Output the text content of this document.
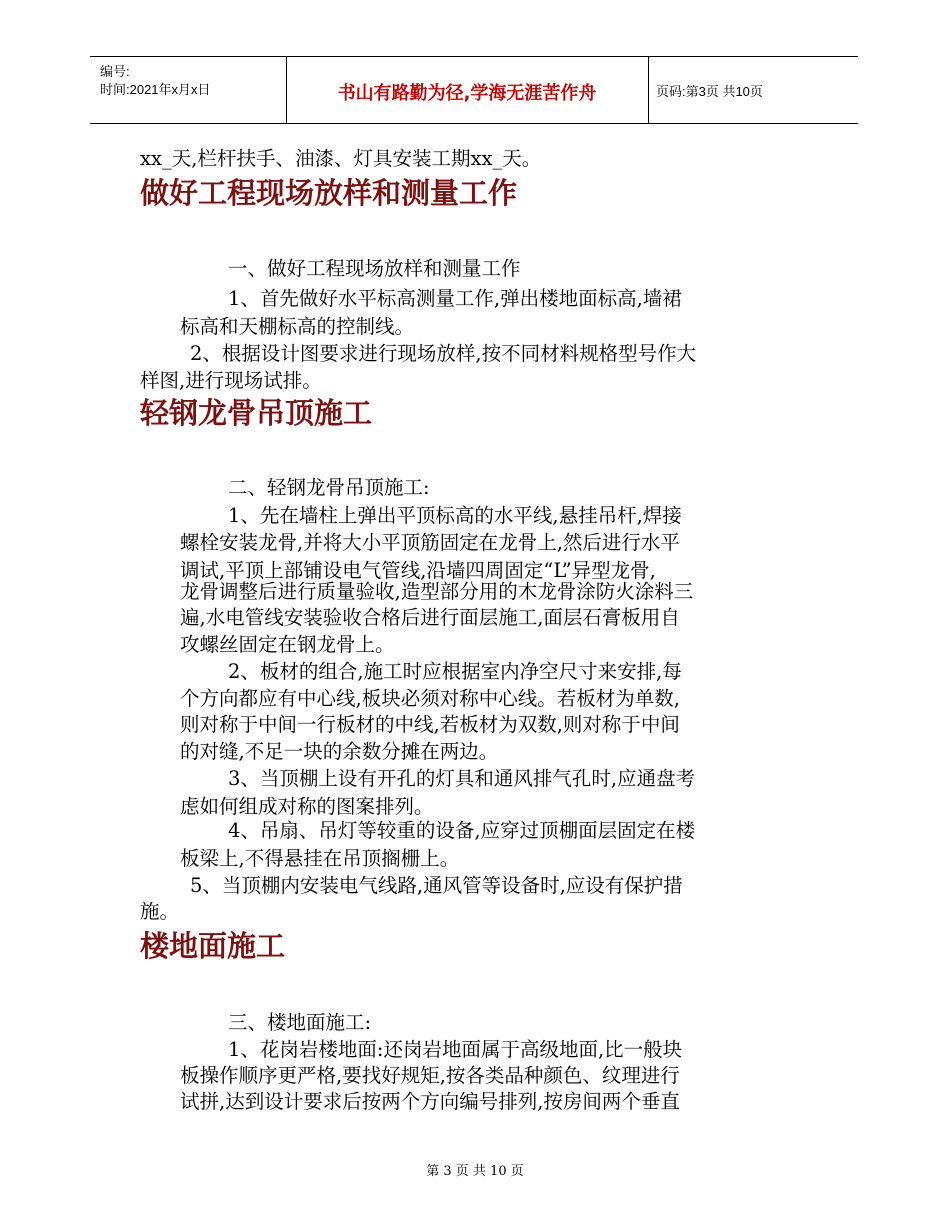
编号:
时间:2021年x月x日	书山有路勤为径,学海无涯苦作舟	页码:第3页 共10页

xx_天,栏杆扶手、油漆、灯具安装工期xx_天。

做好工程现场放样和测量工作

一、做好工程现场放样和测量工作

1、首先做好水平标高测量工作,弹出楼地面标高,墙裙

标高和天棚标高的控制线。

2、根据设计图要求进行现场放样,按不同材料规格型号作大

样图,进行现场试排。

轻钢龙骨吊顶施工

二、轻钢龙骨吊顶施工:

1、先在墙柱上弹出平顶标高的水平线,悬挂吊杆,焊接

螺栓安装龙骨,并将大小平顶筋固定在龙骨上,然后进行水平

调试,平顶上部铺设电气管线,沿墙四周固定“L”异型龙骨,

龙骨调整后进行质量验收,造型部分用的木龙骨涂防火涂料三

遍,水电管线安装验收合格后进行面层施工,面层石膏板用自

攻螺丝固定在钢龙骨上。

2、板材的组合,施工时应根据室内净空尺寸来安排,每

个方向都应有中心线,板块必须对称中心线。若板材为单数,

则对称于中间一行板材的中线,若板材为双数,则对称于中间

的对缝,不足一块的余数分摊在两边。

3、当顶棚上设有开孔的灯具和通风排气孔时,应通盘考

虑如何组成对称的图案排列。

4、吊扇、吊灯等较重的设备,应穿过顶棚面层固定在楼

板梁上,不得悬挂在吊顶搁栅上。

5、当顶棚内安装电气线路,通风管等设备时,应设有保护措

施。

楼地面施工

三、楼地面施工:

1、花岗岩楼地面:还岗岩地面属于高级地面,比一般块

板操作顺序更严格,要找好规矩,按各类品种颜色、纹理进行

试拼,达到设计要求后按两个方向编号排列,按房间两个垂直

第 3 页 共 10 页
